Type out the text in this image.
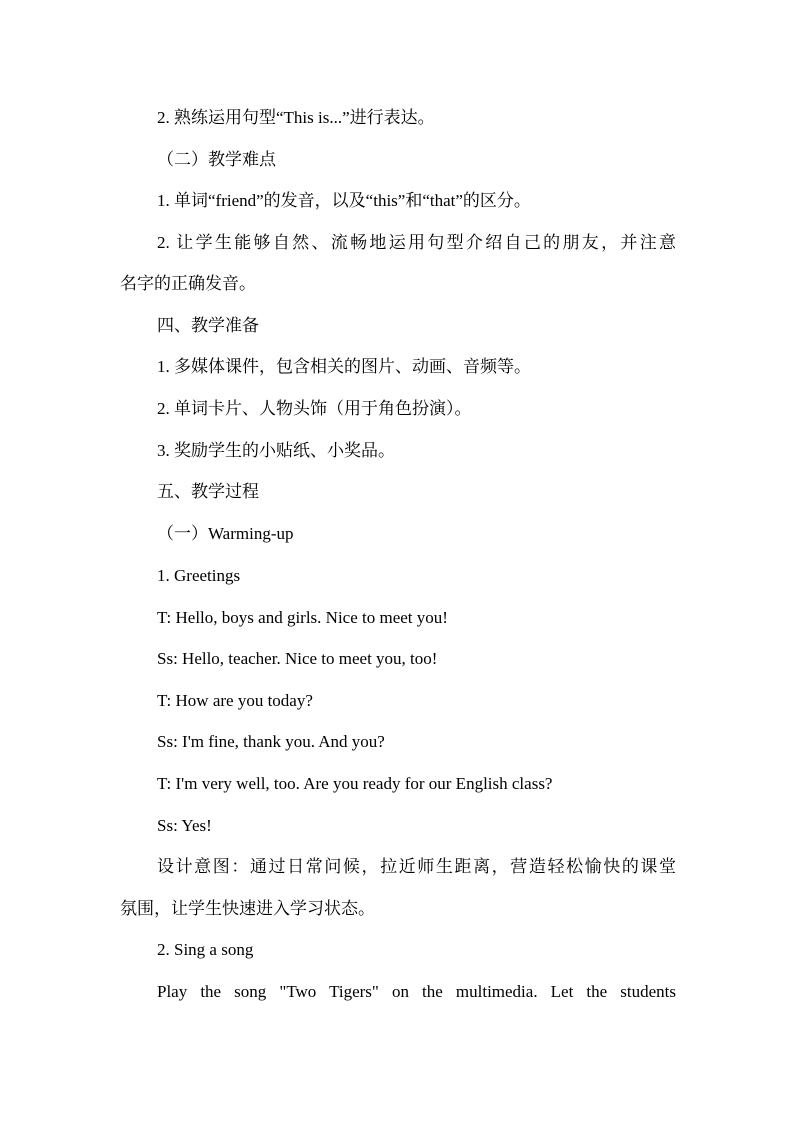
2. 熟练运用句型“This is...”进行表达。
（二）教学难点
1. 单词“friend”的发音，以及“this”和“that”的区分。
2. 让学生能够自然、流畅地运用句型介绍自己的朋友，并注意
名字的正确发音。
四、教学准备
1. 多媒体课件，包含相关的图片、动画、音频等。
2. 单词卡片、人物头饰（用于角色扮演）。
3. 奖励学生的小贴纸、小奖品。
五、教学过程
（一）Warming-up
1. Greetings
T: Hello, boys and girls. Nice to meet you!
Ss: Hello, teacher. Nice to meet you, too!
T: How are you today?
Ss: I'm fine, thank you. And you?
T: I'm very well, too. Are you ready for our English class?
Ss: Yes!
设计意图：通过日常问候，拉近师生距离，营造轻松愉快的课堂
氛围，让学生快速进入学习状态。
2. Sing a song
Play the song "Two Tigers" on the multimedia. Let the students
